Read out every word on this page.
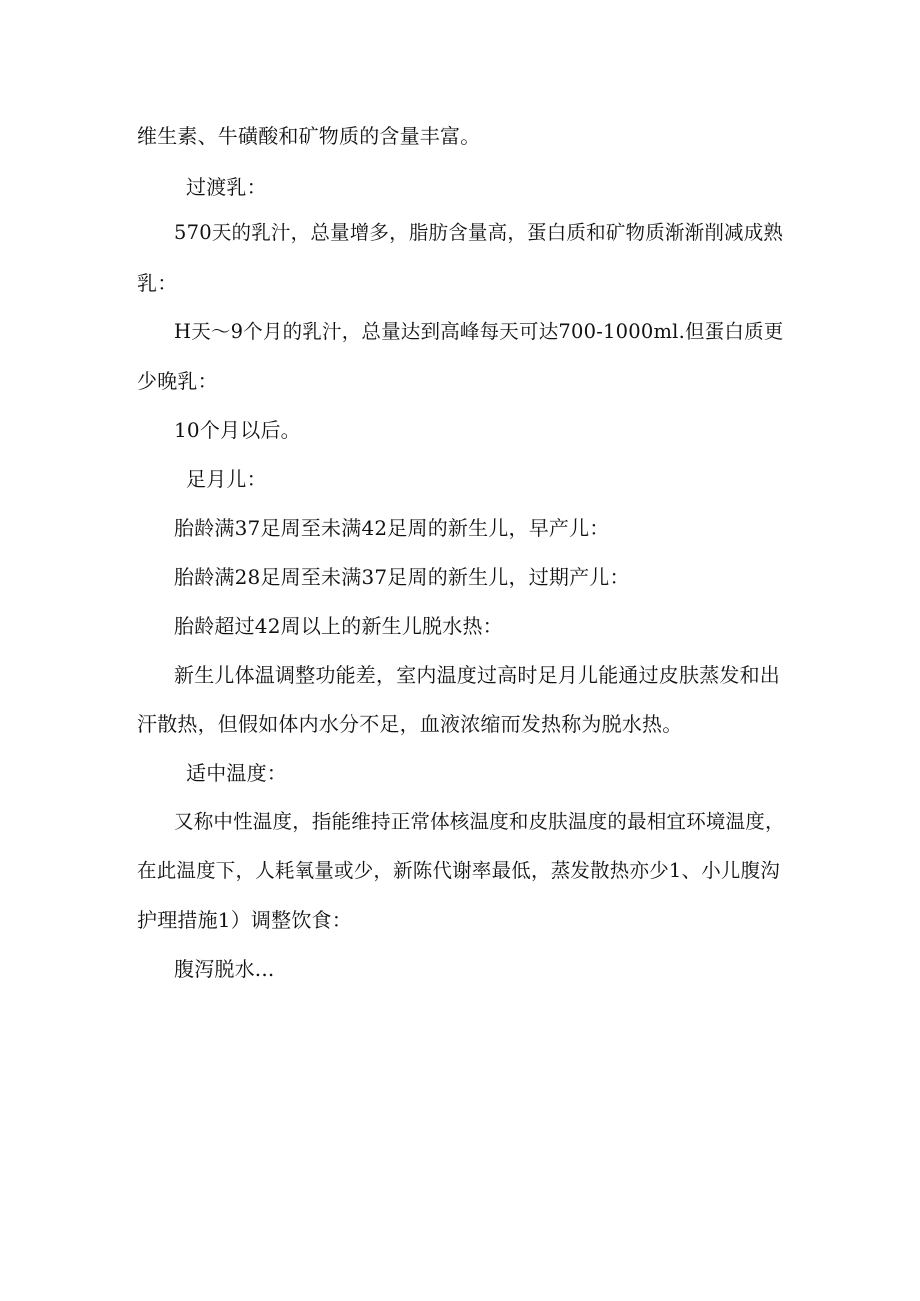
维生素、牛磺酸和矿物质的含量丰富。
过渡乳：
570天的乳汁，总量增多，脂肪含量高，蛋白质和矿物质渐渐削减成熟
乳：
H天～9个月的乳汁，总量达到高峰每天可达700-1000ml.但蛋白质更
少晚乳：
10个月以后。
足月儿：
胎龄满37足周至未满42足周的新生儿，早产儿：
胎龄满28足周至未满37足周的新生儿，过期产儿：
胎龄超过42周以上的新生儿脱水热：
新生儿体温调整功能差，室内温度过高时足月儿能通过皮肤蒸发和出
汗散热，但假如体内水分不足，血液浓缩而发热称为脱水热。
适中温度：
又称中性温度，指能维持正常体核温度和皮肤温度的最相宜环境温度，
在此温度下，人耗氧量或少，新陈代谢率最低，蒸发散热亦少1、小儿腹沟
护理措施1）调整饮食：
腹泻脱水...
